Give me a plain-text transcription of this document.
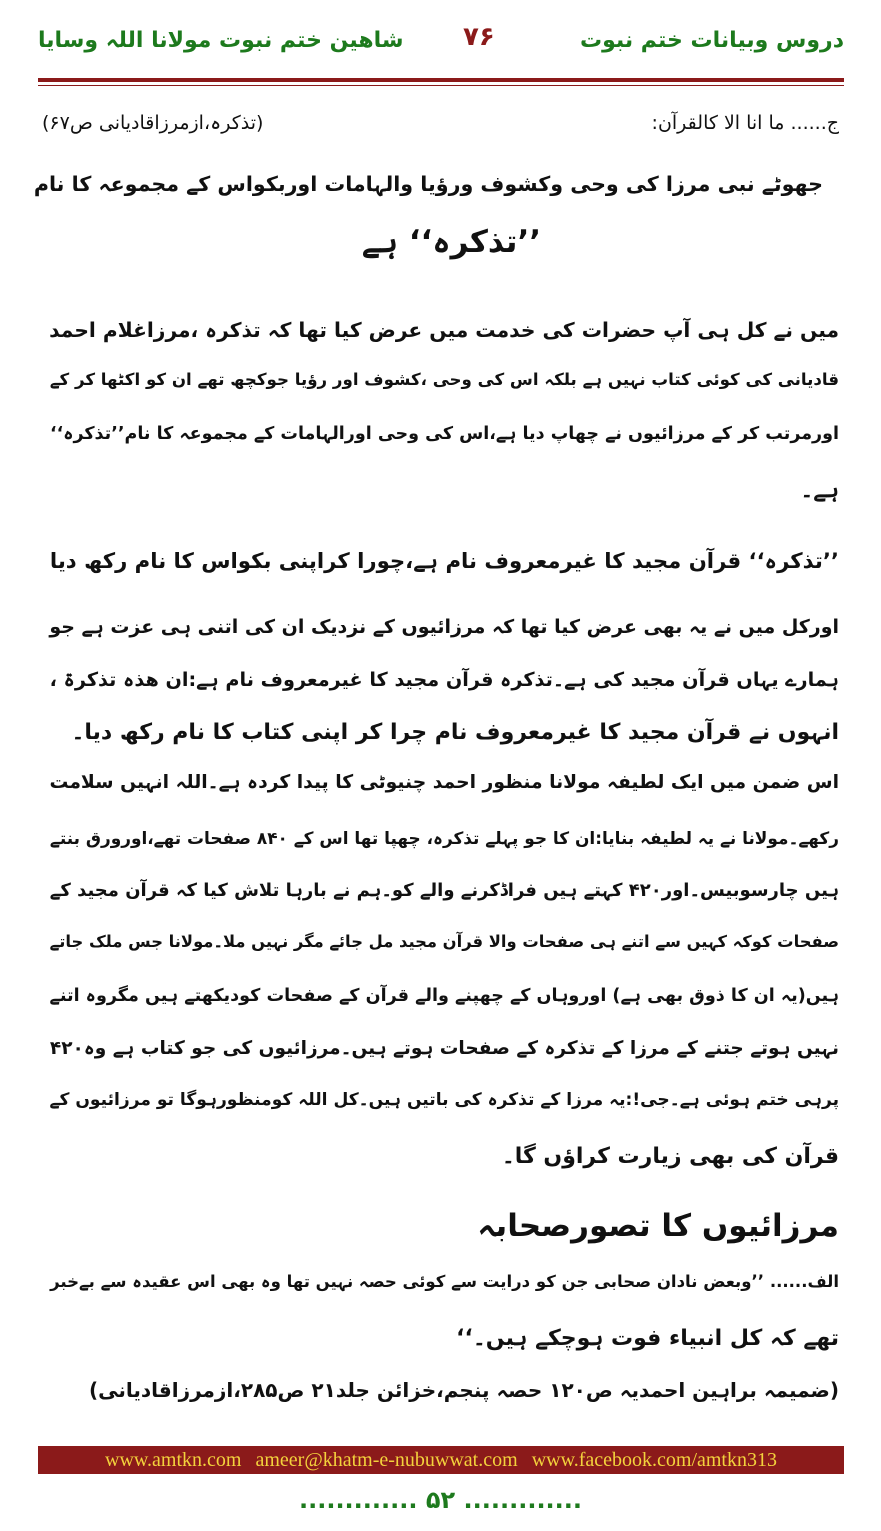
دروس وبیانات ختم نبوت
۷۶
شاهین ختم نبوت مولانا اللہ وسایا
ج...... ما انا الا کالقرآن:
(تذکرہ،ازمرزاقادیانی ص۶۷)
جھوٹے نبی مرزا کی وحی وکشوف ورؤیا والہامات اوربکواس کے مجموعہ کا نام
’’تذکرہ‘‘ ہے
میں نے کل ہی آپ حضرات کی خدمت میں عرض کیا تھا کہ تذکرہ ،مرزاغلام احمد
قادیانی کی کوئی کتاب نہیں ہے بلکہ اس کی وحی ،کشوف اور رؤیا جوکچھ تھے ان کو اکٹھا کر کے
اورمرتب کر کے مرزائیوں نے چھاپ دیا ہے،اس کی وحی اورالہامات کے مجموعہ کا نام’’تذکرہ‘‘
ہے۔
’’تذکرہ‘‘ قرآن مجید کا غیرمعروف نام ہے،چورا کراپنی بکواس کا نام رکھ دیا
اورکل میں نے یہ بھی عرض کیا تھا کہ مرزائیوں کے نزدیک ان کی اتنی ہی عزت ہے جو
ہمارے یہاں قرآن مجید کی ہے۔تذکرہ قرآن مجید کا غیرمعروف نام ہے:ان ھذہ تذکرۃ ،
انہوں نے قرآن مجید کا غیرمعروف نام چرا کر اپنی کتاب کا نام رکھ دیا۔
اس ضمن میں ایک لطیفہ مولانا منظور احمد چنیوٹی کا پیدا کردہ ہے۔اللہ انہیں سلامت
رکھے۔مولانا نے یہ لطیفہ بنایا:ان کا جو پہلے تذکرہ، چھپا تھا اس کے ۸۴۰ صفحات تھے،اورورق بنتے
ہیں چارسوبیس۔اور۴۲۰ کہتے ہیں فراڈکرنے والے کو۔ہم نے بارہا تلاش کیا کہ قرآن مجید کے
صفحات کوکہ کہیں سے اتنے ہی صفحات والا قرآن مجید مل جائے مگر نہیں ملا۔مولانا جس ملک جاتے
ہیں(یہ ان کا ذوق بھی ہے) اوروہاں کے چھپنے والے قرآن کے صفحات کودیکھتے ہیں مگروہ اتنے
نہیں ہوتے جتنے کے مرزا کے تذکرہ کے صفحات ہوتے ہیں۔مرزائیوں کی جو کتاب ہے وہ۴۲۰
پرہی ختم ہوئی ہے۔جی!:یہ مرزا کے تذکرہ کی باتیں ہیں۔کل اللہ کومنظورہوگا تو مرزائیوں کے
قرآن کی بھی زیارت کراؤں گا۔
مرزائیوں کا تصورصحابہ
الف...... ’’وبعض نادان صحابی جن کو درایت سے کوئی حصہ نہیں تھا وہ بھی اس عقیدہ سے بےخبر
تھے کہ کل انبیاء فوت ہوچکے ہیں۔‘‘
(ضمیمہ براہین احمدیہ ص۱۲۰ حصہ پنجم،خزائن جلد۲۱ ص۲۸۵،ازمرزاقادیانی)
www.amtkn.com ameer@khatm-e-nubuwwat.com www.facebook.com/amtkn313
............. ۵۲ .............
